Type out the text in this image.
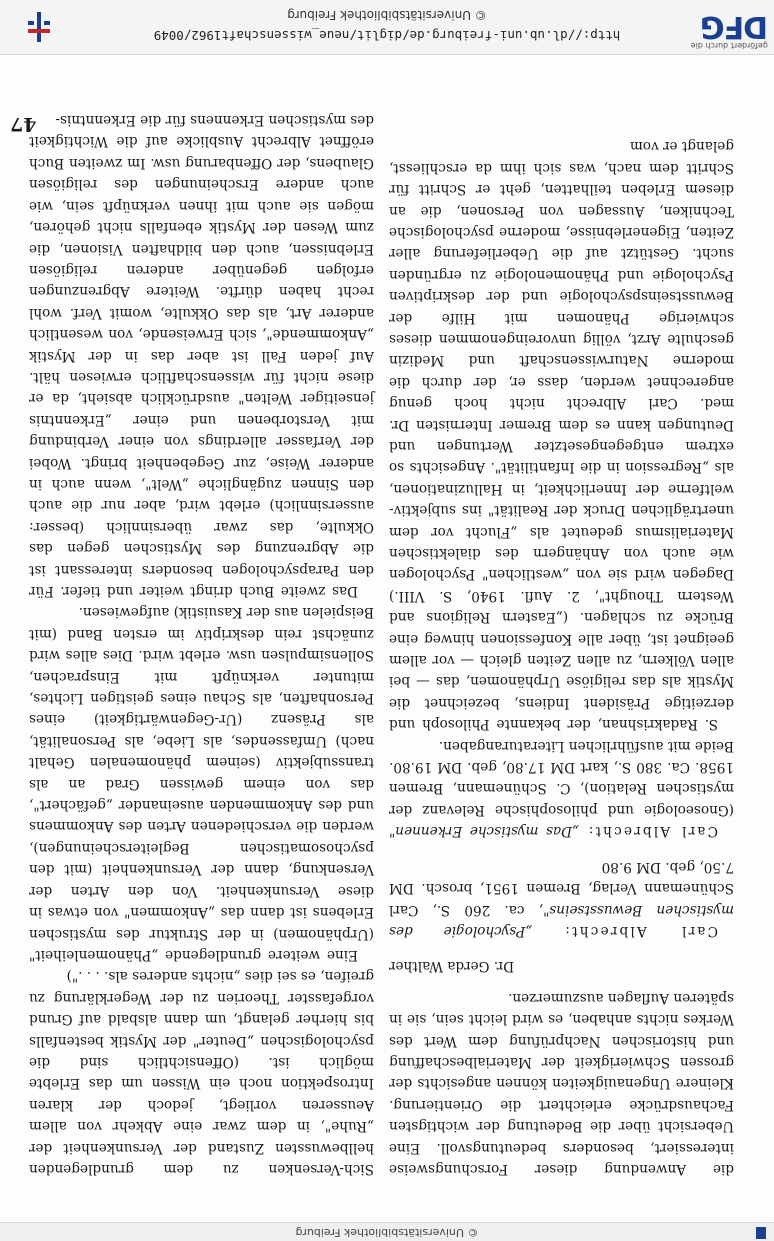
© Universitätsbibliothek Freiburg

die Anwendung dieser Forschungsweise interessiert, besonders bedeutungsvoll. Eine Uebersicht über die Bedeutung der wichtigsten Fachausdrücke erleichtert die Orientierung. Kleinere Ungenauigkeiten können angesichts der grossen Schwierigkeit der Materialbeschaffung und historischen Nachprüfung dem Wert des Werkes nichts anhaben, es wird leicht sein, sie in späteren Auflagen auszumerzen.

Dr. Gerda Walther

Carl Albrecht: „Psychologie des mystischen Bewusstseins", ca. 260 S., Carl Schünemann Verlag, Bremen 1951, brosch. DM 7.50, geb. DM 9.80

Carl Albrecht: „Das mystische Erkennen" (Gnoseologie und philosophische Relevanz der mystischen Relation), C. Schünemann, Bremen 1958. Ca. 380 S., kart DM 17.80, geb. DM 19.80. Beide mit ausführlichen Literaturangaben.

S. Radakrishnan, der bekannte Philosoph und derzeitige Präsident Indiens, bezeichnet die Mystik als das religiöse Urphänomen, das — bei allen Völkern, zu allen Zeiten gleich — vor allem geeignet ist, über alle Konfessionen hinweg eine Brücke zu schlagen. („Eastern Religions and Western Thought", 2. Aufl. 1940, S. VIII.) Dagegen wird sie von „westlichen" Psychologen wie auch von Anhängern des dialektischen Materialismus gedeutet als „Flucht vor dem unerträglichen Druck der Realität" ins subjektiv-weltferne der Innerlichkeit, in Halluzinationen, als „Regression in die Infantilität". Angesichts so extrem entgegengesetzter Wertungen und Deutungen kann es dem Bremer Internisten Dr. med. Carl Albrecht nicht hoch genug angerechnet werden, dass er, der durch die moderne Naturwissenschaft und Medizin geschulte Arzt, völlig unvoreingenommen dieses schwierige Phänomen mit Hilfe der Bewusstseinspsychologie und der deskriptiven Psychologie und Phänomenologie zu ergründen sucht. Gestützt auf die Ueberlieferung aller Zeiten, Eigenerlebnisse, moderne psychologische Techniken, Aussagen von Personen, die an diesem Erleben teilhatten, geht er Schritt für Schritt dem nach, was sich ihm da erschliesst, gelangt er vom

Sich-Versenken zu dem grundlegenden hellbewussten Zustand der Versunkenheit der „Ruhe", in dem zwar eine Abkehr von allem Aeusseren vorliegt, jedoch der klaren Introspektion noch ein Wissen um das Erlebte möglich ist. (Offensichtlich sind die psychologischen „Deuter" der Mystik bestenfalls bis hierher gelangt, um dann alsbald auf Grund vorgefasster Theorien zu der Wegerklärung zu greifen, es sei dies „nichts anderes als. . . .")

Eine weitere grundlegende „Phänomenleiheit" (Urphänomen) in der Struktur des mystischen Erlebens ist dann das „Ankommen" von etwas in diese Versunkenheit. Von den Arten der Versenkung, dann der Versunkenheit (mit den psychosomatischen Begleiterscheinungen), werden die verschiedenen Arten des Ankommens und des Ankommenden auseinander „gefächert", das von einem gewissen Grad an als transsubjektiv (seinem phänomenalen Gehalt nach) Umfassendes, als Liebe, als Personalität, als Präsenz (Ur-Gegenwärtigkeit) eines Personhaften, als Schau eines geistigen Lichtes, mitunter verknüpft mit Einsprachen, Sollensimpulsen usw. erlebt wird. Dies alles wird zunächst rein deskriptiv im ersten Band (mit Beispielen aus der Kasuistik) aufgewiesen.

Das zweite Buch dringt weiter und tiefer. Für den Parapsychologen besonders interessant ist die Abgrenzung des Mystischen gegen das Okkulte, das zwar übersinnlich (besser: aussersinnlich) erlebt wird, aber nur die auch den Sinnen zugängliche „Welt", wenn auch in anderer Weise, zur Gegebenheit bringt. Wobei der Verfasser allerdings von einer Verbindung mit Verstorbenen und einer „Erkenntnis jenseitiger Welten" ausdrücklich absieht, da er diese nicht für wissenschaftlich erwiesen hält. Auf jeden Fall ist aber das in der Mystik „Ankommende", sich Erweisende, von wesentlich anderer Art, als das Okkulte, womit Verf. wohl recht haben dürfte. Weitere Abgrenzungen erfolgen gegenüber anderen religiösen Erlebnissen, auch den bildhaften Visionen, die zum Wesen der Mystik ebenfalls nicht gehören, mögen sie auch mit ihnen verknüpft sein, wie auch andere Erscheinungen des religiösen Glaubens, der Offenbarung usw. Im zweiten Buch eröffnet Albrecht Ausblicke auf die Wichtigkeit des mystischen Erkennens für die Erkenntnis-

47
gefördert durch die
DFG
http://dl.ub.uni-freiburg.de/diglit/neue_wissenschaft1962/0049
© Universitätsbibliothek Freiburg
